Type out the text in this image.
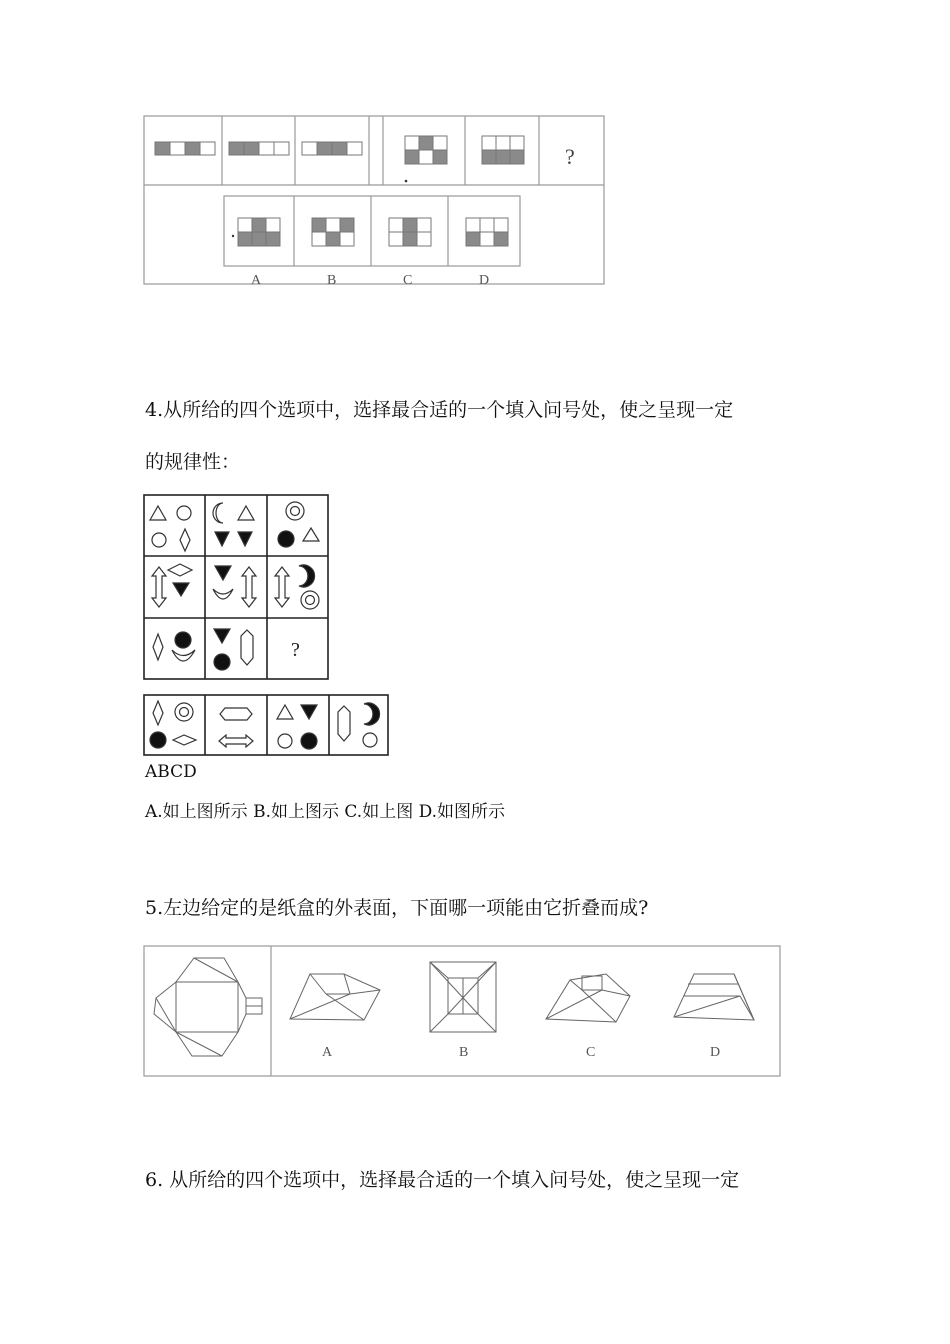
?
A	B	C	D
4.从所给的四个选项中，选择最合适的一个填入问号处，使之呈现一定
的规律性：
?
ABCD
A.如上图所示 B.如上图示 C.如上图 D.如图所示
5.左边给定的是纸盒的外表面，下面哪一项能由它折叠而成?
A	B	C	D
6. 从所给的四个选项中，选择最合适的一个填入问号处，使之呈现一定
